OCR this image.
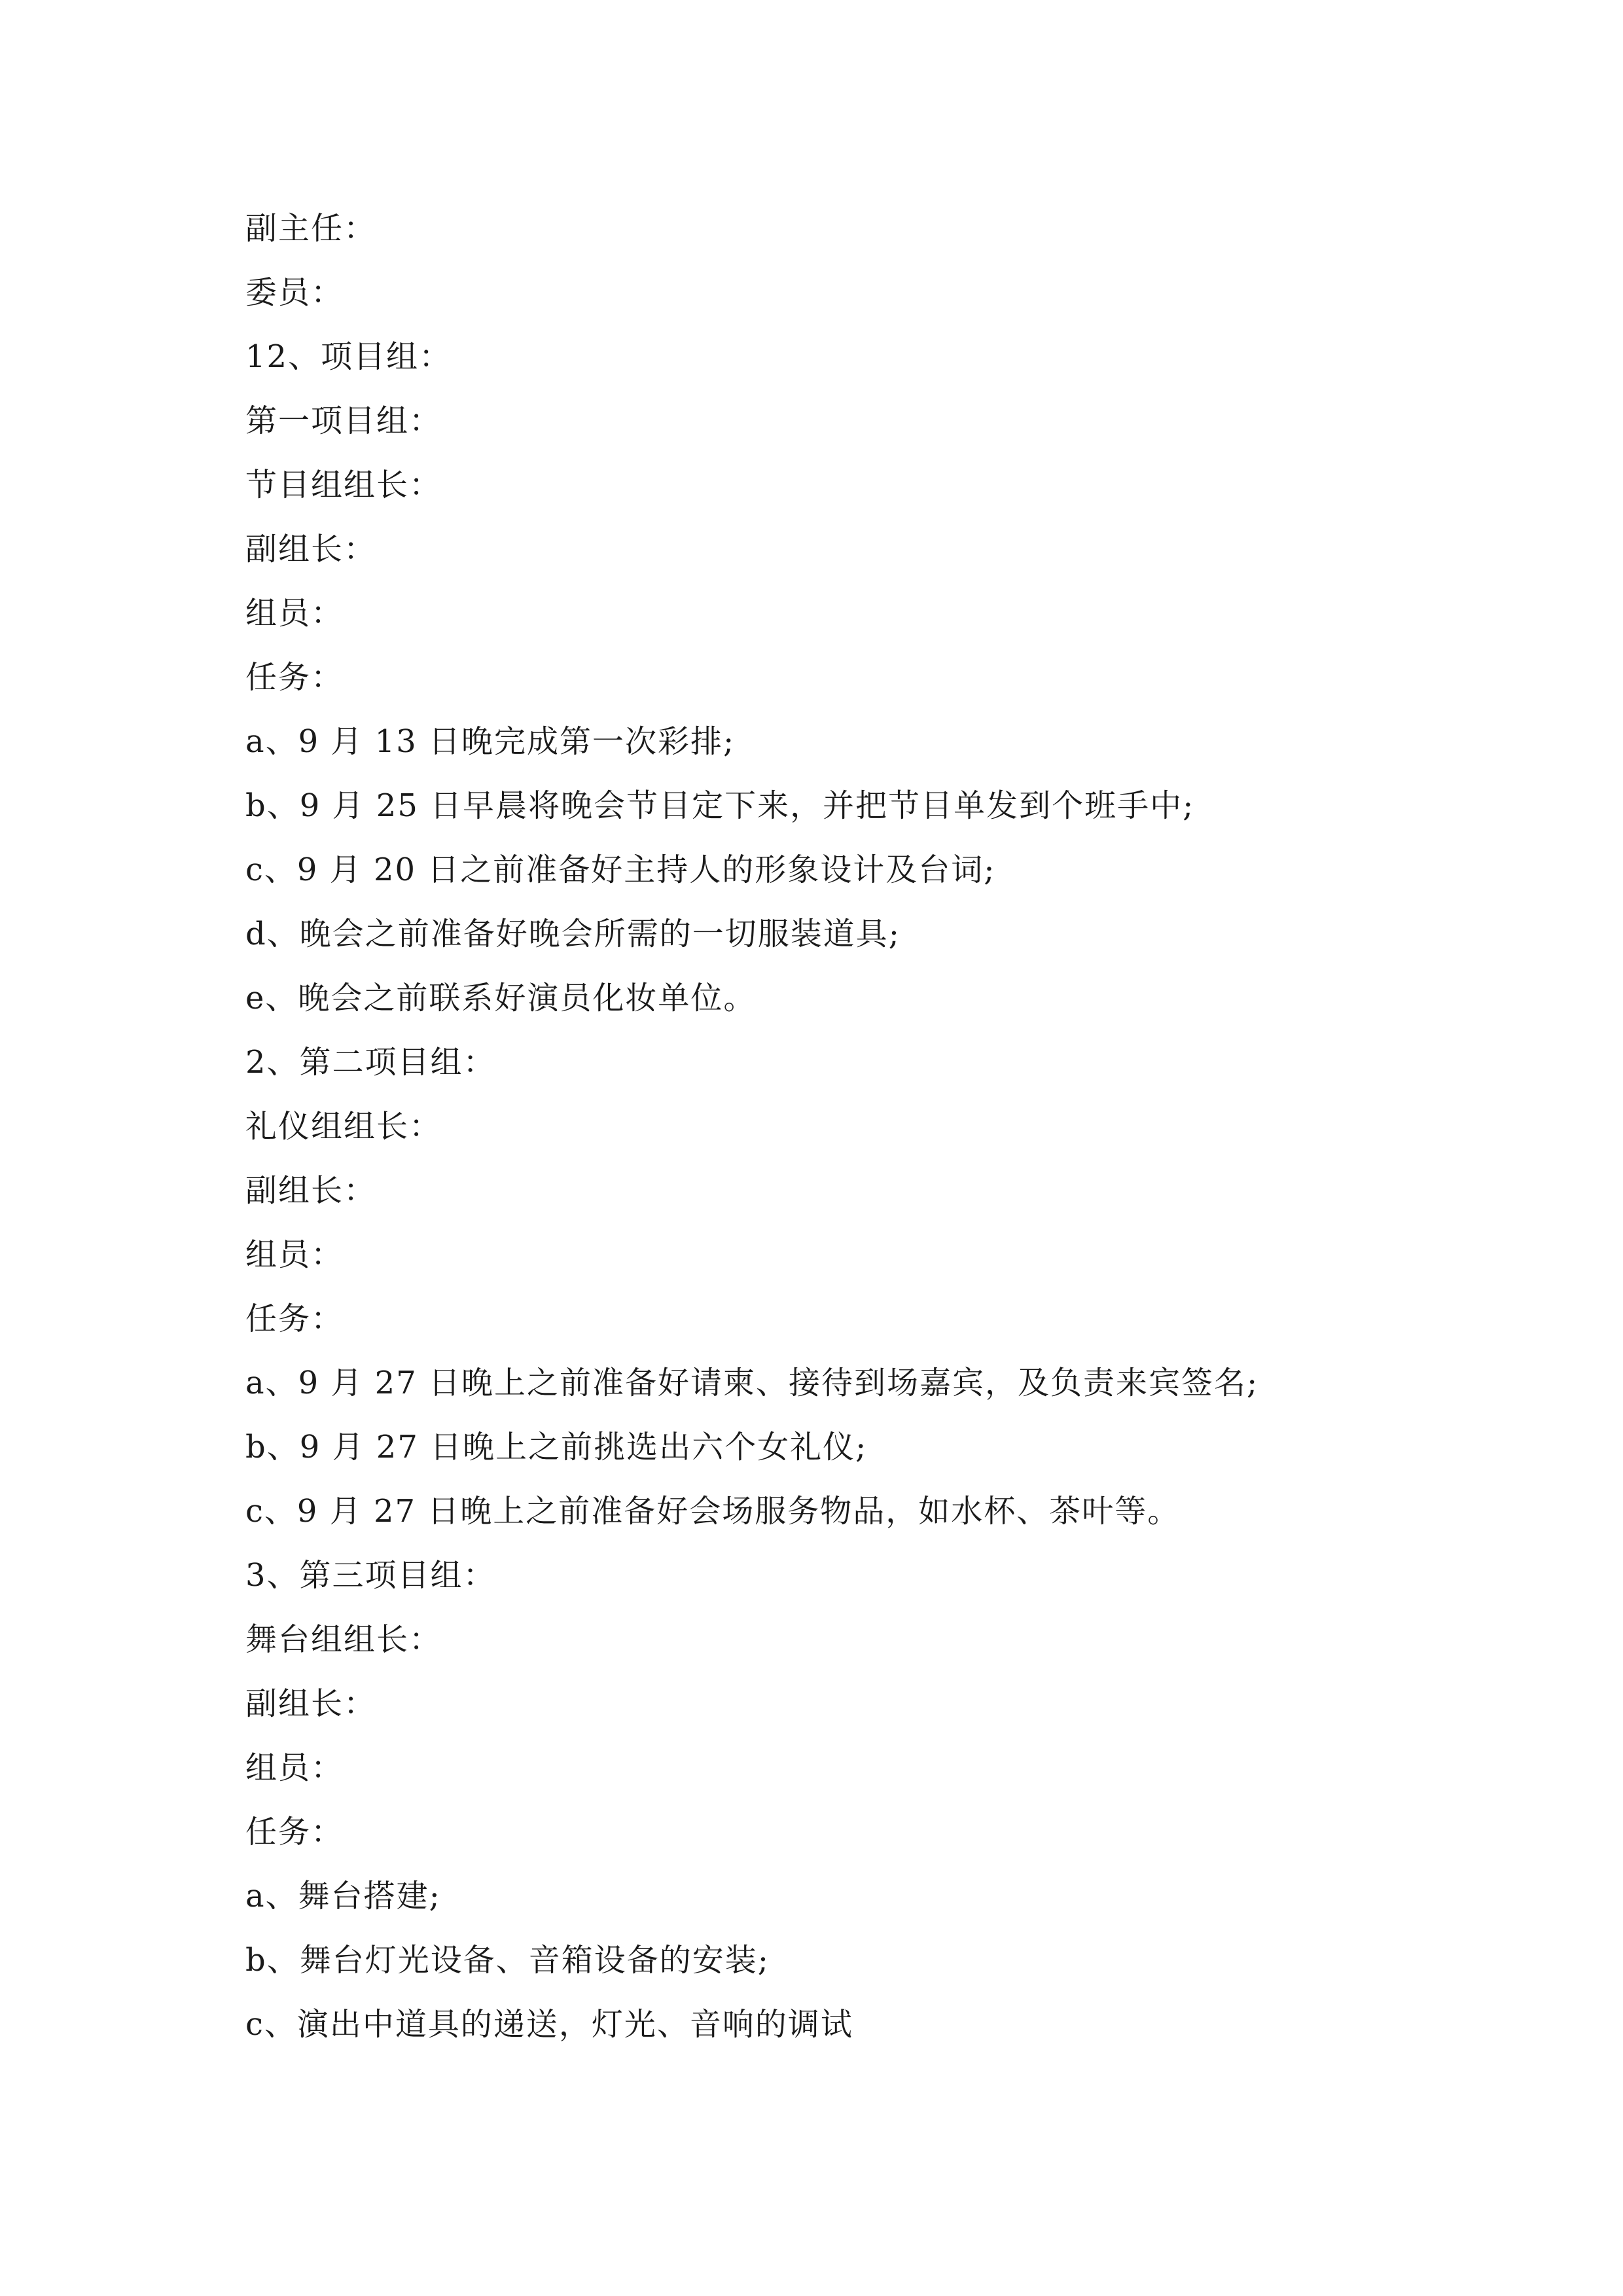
副主任：
委员：
12、项目组：
第一项目组：
节目组组长：
副组长：
组员：
任务：
a、9 月 13 日晚完成第一次彩排;
b、9 月 25 日早晨将晚会节目定下来，并把节目单发到个班手中;
c、9 月 20 日之前准备好主持人的形象设计及台词;
d、晚会之前准备好晚会所需的一切服装道具;
e、晚会之前联系好演员化妆单位。
2、第二项目组：
礼仪组组长：
副组长：
组员：
任务：
a、9 月 27 日晚上之前准备好请柬、接待到场嘉宾，及负责来宾签名;
b、9 月 27 日晚上之前挑选出六个女礼仪;
c、9 月 27 日晚上之前准备好会场服务物品，如水杯、茶叶等。
3、第三项目组：
舞台组组长：
副组长：
组员：
任务：
a、舞台搭建;
b、舞台灯光设备、音箱设备的安装;
c、演出中道具的递送，灯光、音响的调试
